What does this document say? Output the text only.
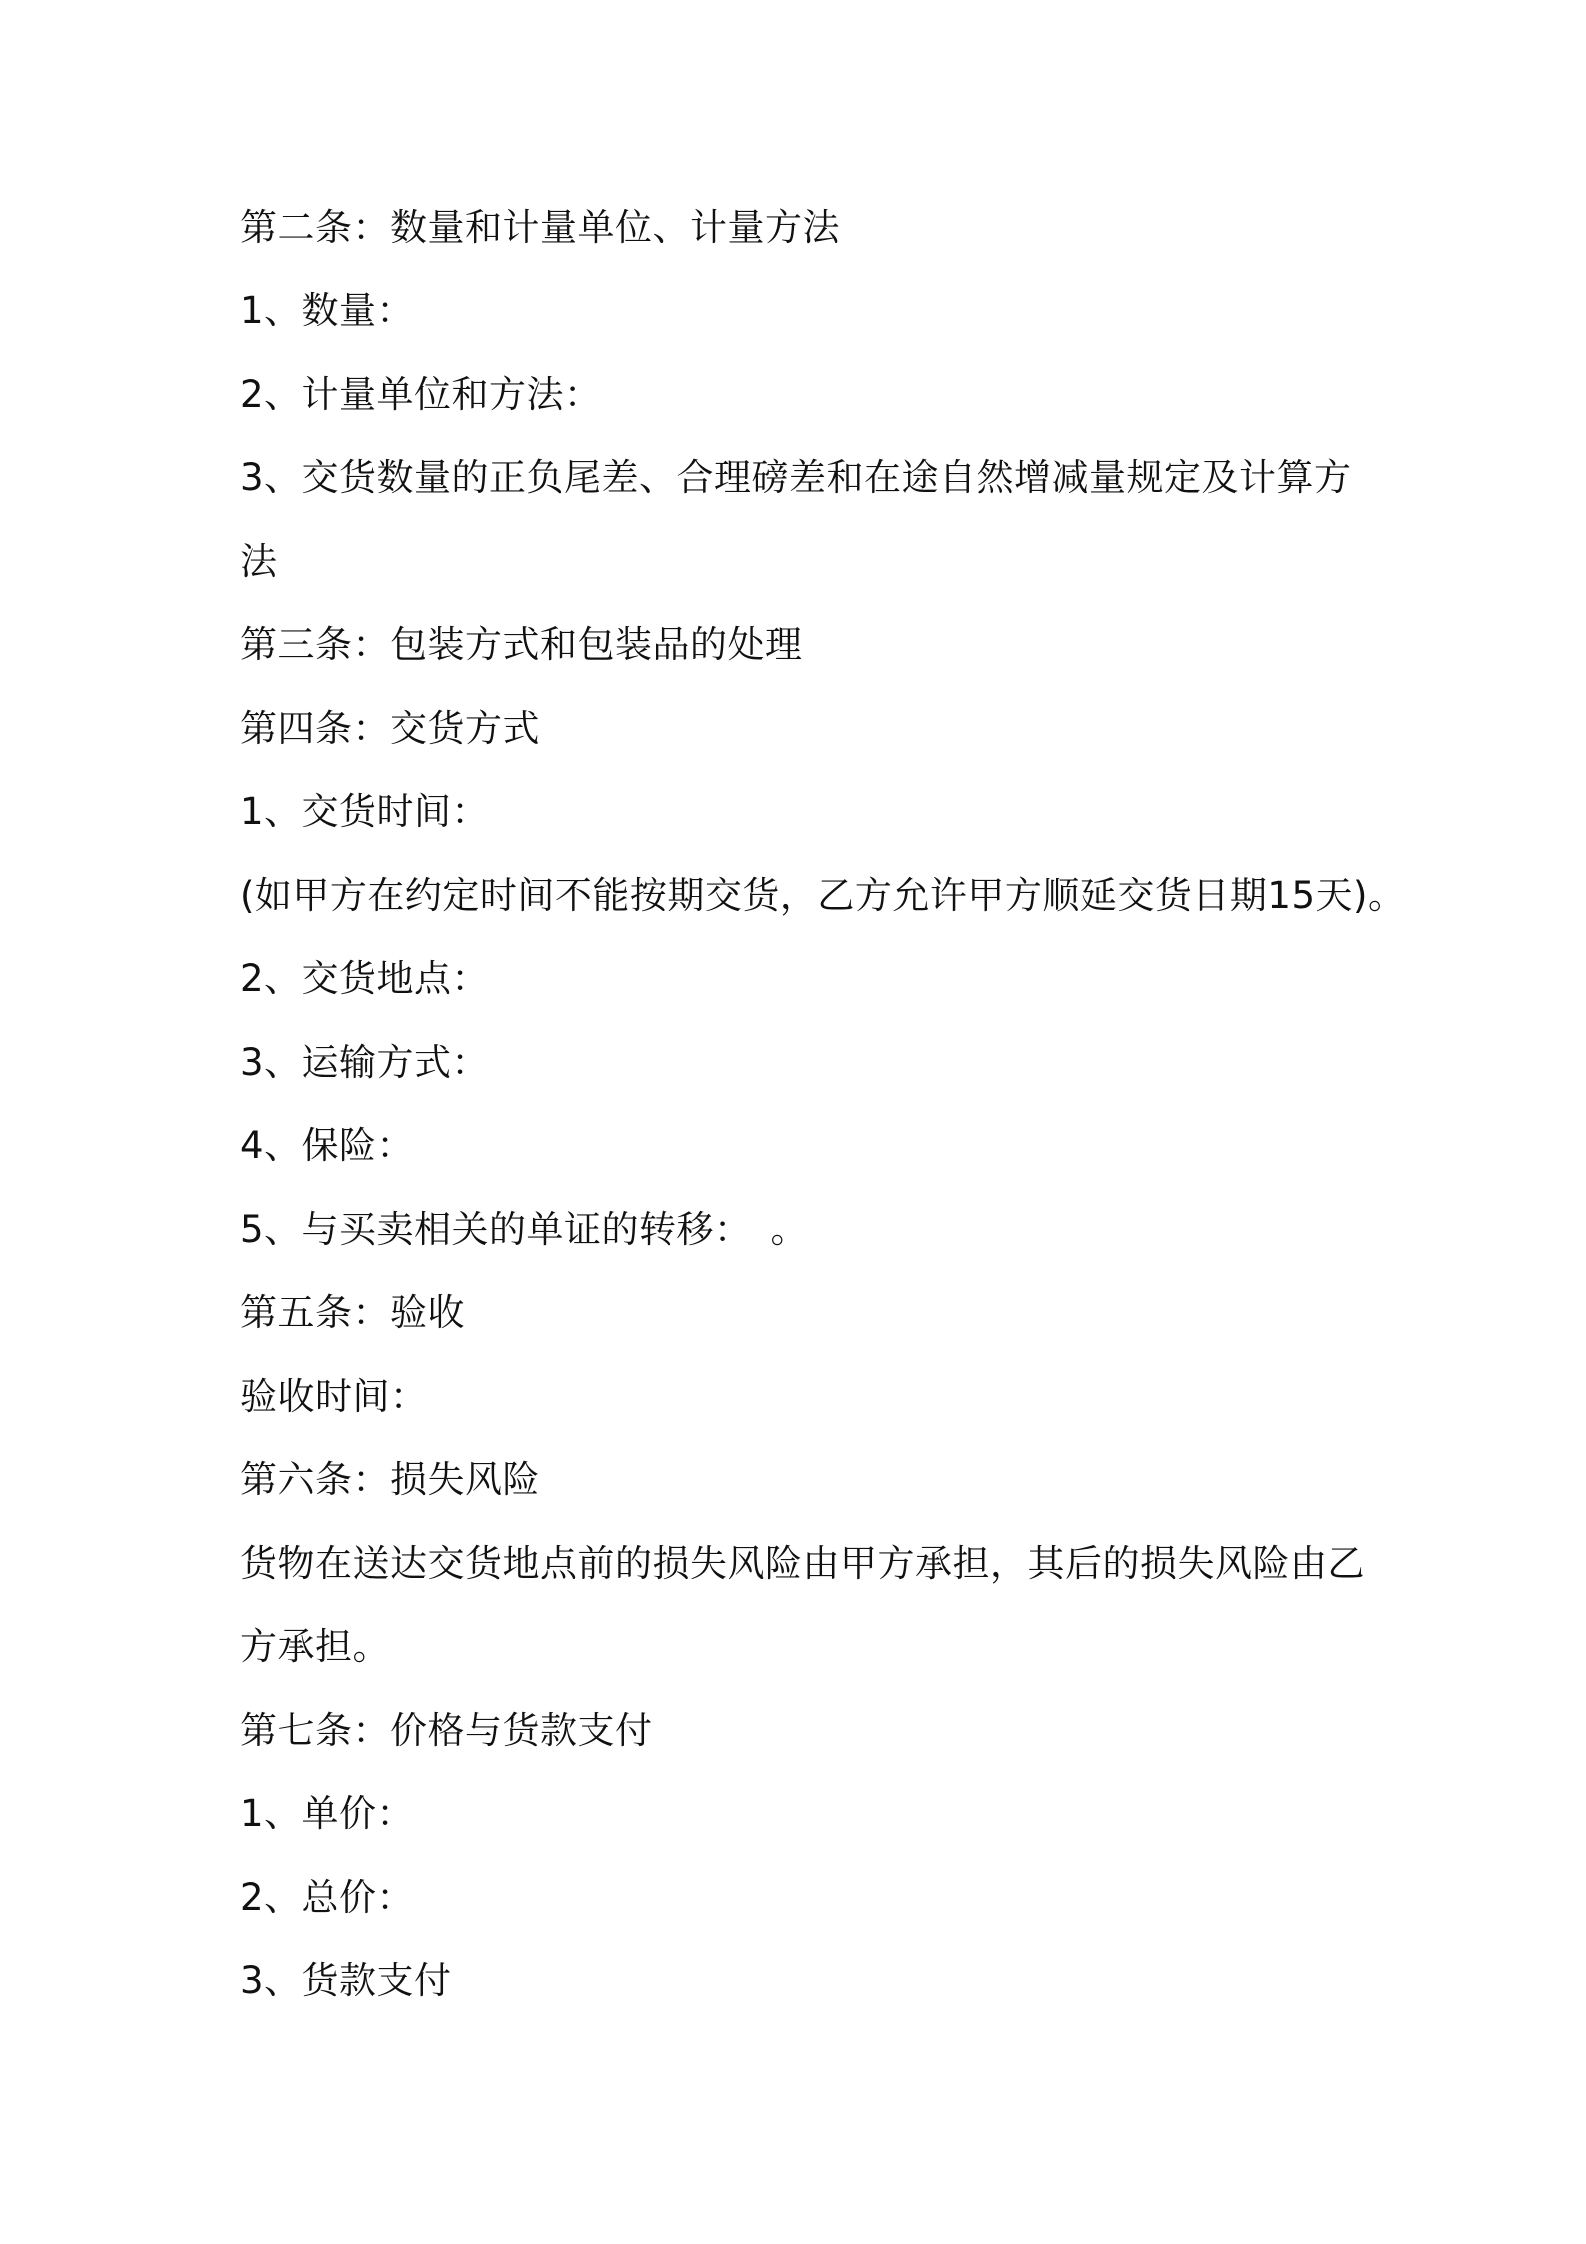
第二条：数量和计量单位、计量方法
1、数量：
2、计量单位和方法：
3、交货数量的正负尾差、合理磅差和在途自然增减量规定及计算方
法
第三条：包装方式和包装品的处理
第四条：交货方式
1、交货时间：
(如甲方在约定时间不能按期交货，乙方允许甲方顺延交货日期15天)。
2、交货地点：
3、运输方式：
4、保险：
5、与买卖相关的单证的转移：　。
第五条：验收
验收时间：
第六条：损失风险
货物在送达交货地点前的损失风险由甲方承担，其后的损失风险由乙
方承担。
第七条：价格与货款支付
1、单价：
2、总价：
3、货款支付
